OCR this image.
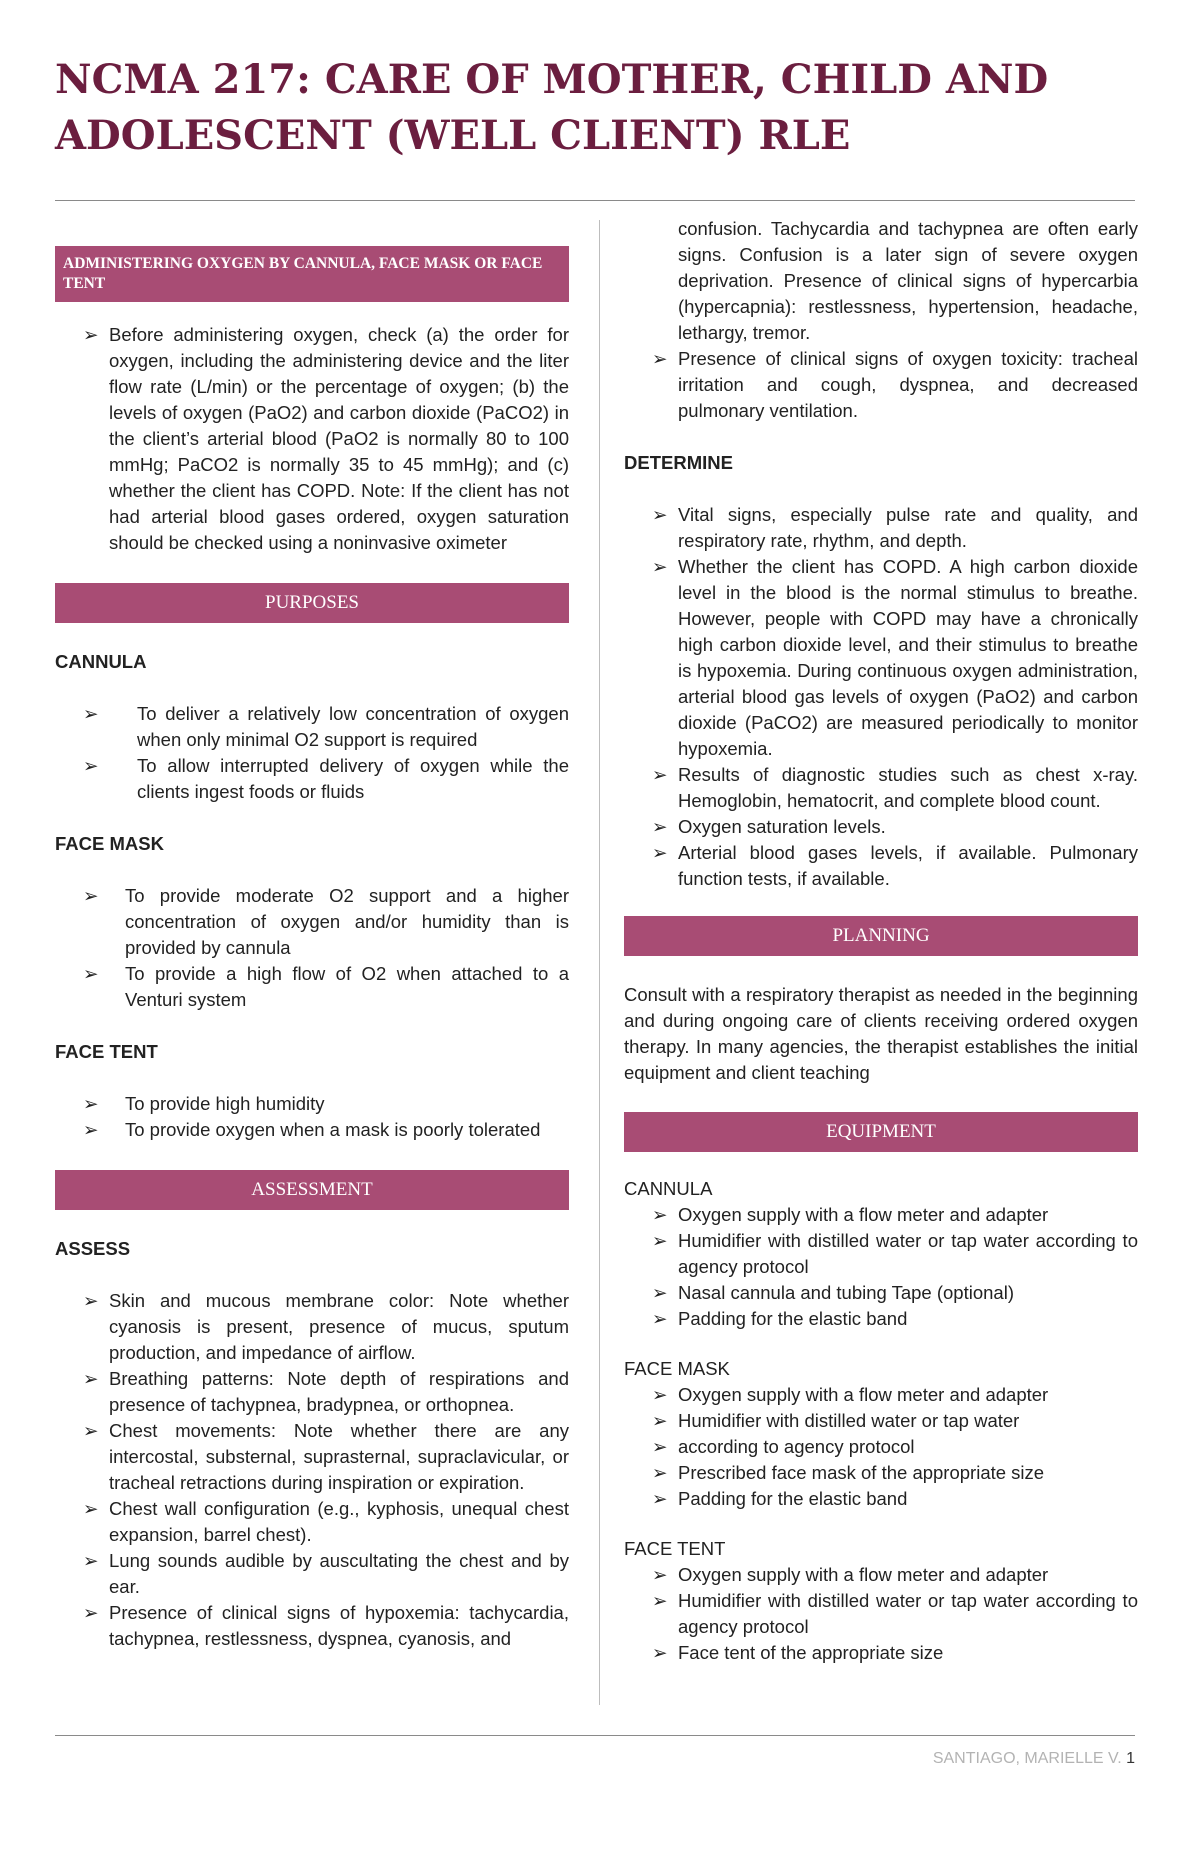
NCMA 217: CARE OF MOTHER, CHILD AND ADOLESCENT (WELL CLIENT) RLE
ADMINISTERING OXYGEN BY CANNULA, FACE MASK OR FACE TENT
➢ Before administering oxygen, check (a) the order for oxygen, including the administering device and the liter flow rate (L/min) or the percentage of oxygen; (b) the levels of oxygen (PaO2) and carbon dioxide (PaCO2) in the client’s arterial blood (PaO2 is normally 80 to 100 mmHg; PaCO2 is normally 35 to 45 mmHg); and (c) whether the client has COPD. Note: If the client has not had arterial blood gases ordered, oxygen saturation should be checked using a noninvasive oximeter
PURPOSES

CANNULA

➢ To deliver a relatively low concentration of oxygen when only minimal O2 support is required
➢ To allow interrupted delivery of oxygen while the clients ingest foods or fluids

FACE MASK

➢ To provide moderate O2 support and a higher concentration of oxygen and/or humidity than is provided by cannula
➢ To provide a high flow of O2 when attached to a Venturi system

FACE TENT

➢ To provide high humidity
➢ To provide oxygen when a mask is poorly tolerated
ASSESSMENT

ASSESS

➢ Skin and mucous membrane color: Note whether cyanosis is present, presence of mucus, sputum production, and impedance of airflow.
➢ Breathing patterns: Note depth of respirations and presence of tachypnea, bradypnea, or orthopnea.
➢ Chest movements: Note whether there are any intercostal, substernal, suprasternal, supraclavicular, or tracheal retractions during inspiration or expiration.
➢ Chest wall configuration (e.g., kyphosis, unequal chest expansion, barrel chest).
➢ Lung sounds audible by auscultating the chest and by ear.
➢ Presence of clinical signs of hypoxemia: tachycardia, tachypnea, restlessness, dyspnea, cyanosis, and
confusion. Tachycardia and tachypnea are often early signs. Confusion is a later sign of severe oxygen deprivation. Presence of clinical signs of hypercarbia (hypercapnia): restlessness, hypertension, headache, lethargy, tremor.
➢ Presence of clinical signs of oxygen toxicity: tracheal irritation and cough, dyspnea, and decreased pulmonary ventilation.

DETERMINE

➢ Vital signs, especially pulse rate and quality, and respiratory rate, rhythm, and depth.
➢ Whether the client has COPD. A high carbon dioxide level in the blood is the normal stimulus to breathe. However, people with COPD may have a chronically high carbon dioxide level, and their stimulus to breathe is hypoxemia. During continuous oxygen administration, arterial blood gas levels of oxygen (PaO2) and carbon dioxide (PaCO2) are measured periodically to monitor hypoxemia.
➢ Results of diagnostic studies such as chest x-ray. Hemoglobin, hematocrit, and complete blood count.
➢ Oxygen saturation levels.
➢ Arterial blood gases levels, if available. Pulmonary function tests, if available.
PLANNING

Consult with a respiratory therapist as needed in the beginning and during ongoing care of clients receiving ordered oxygen therapy. In many agencies, the therapist establishes the initial equipment and client teaching

EQUIPMENT

CANNULA

➢ Oxygen supply with a flow meter and adapter
➢ Humidifier with distilled water or tap water according to agency protocol
➢ Nasal cannula and tubing Tape (optional)
➢ Padding for the elastic band

FACE MASK

➢ Oxygen supply with a flow meter and adapter
➢ Humidifier with distilled water or tap water
➢ according to agency protocol
➢ Prescribed face mask of the appropriate size
➢ Padding for the elastic band

FACE TENT

➢ Oxygen supply with a flow meter and adapter
➢ Humidifier with distilled water or tap water according to agency protocol
➢ Face tent of the appropriate size
SANTIAGO, MARIELLE V. 1
